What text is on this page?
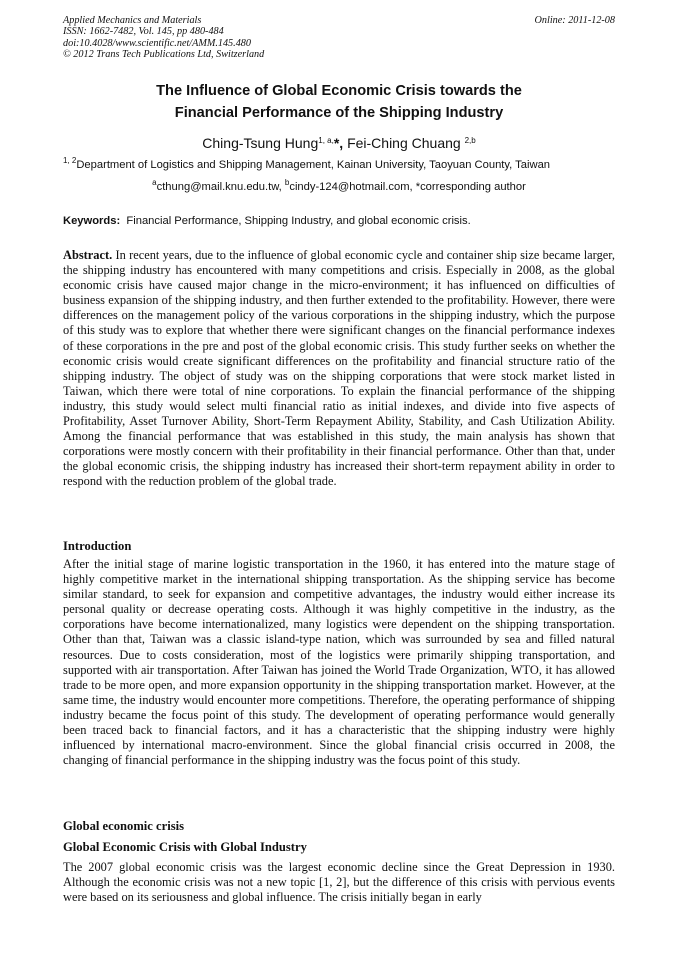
Applied Mechanics and Materials
ISSN: 1662-7482, Vol. 145, pp 480-484
doi:10.4028/www.scientific.net/AMM.145.480
© 2012 Trans Tech Publications Ltd, Switzerland
Online: 2011-12-08
The Influence of Global Economic Crisis towards the
Financial Performance of the Shipping Industry
Ching-Tsung Hung$^{1, a,}$*, Fei-Ching Chuang $^{2,b}$
$^{1, 2}$Department of Logistics and Shipping Management, Kainan University, Taoyuan County, Taiwan
$^a$cthung@mail.knu.edu.tw, $^b$cindy-124@hotmail.com, *corresponding author
Keywords:  Financial Performance, Shipping Industry, and global economic crisis.
Abstract. In recent years, due to the influence of global economic cycle and container ship size became larger, the shipping industry has encountered with many competitions and crisis. Especially in 2008, as the global economic crisis have caused major change in the micro-environment; it has influenced on difficulties of business expansion of the shipping industry, and then further extended to the profitability. However, there were differences on the management policy of the various corporations in the shipping industry, which the purpose of this study was to explore that whether there were significant changes on the financial performance indexes of these corporations in the pre and post of the global economic crisis. This study further seeks on whether the economic crisis would create significant differences on the profitability and financial structure ratio of the shipping industry. The object of study was on the shipping corporations that were stock market listed in Taiwan, which there were total of nine corporations. To explain the financial performance of the shipping industry, this study would select multi financial ratio as initial indexes, and divide into five aspects of Profitability, Asset Turnover Ability, Short-Term Repayment Ability, Stability, and Cash Utilization Ability. Among the financial performance that was established in this study, the main analysis has shown that corporations were mostly concern with their profitability in their financial performance. Other than that, under the global economic crisis, the shipping industry has increased their short-term repayment ability in order to respond with the reduction problem of the global trade.
Introduction
After the initial stage of marine logistic transportation in the 1960, it has entered into the mature stage of highly competitive market in the international shipping transportation. As the shipping service has become similar standard, to seek for expansion and competitive advantages, the industry would either increase its personal quality or decrease operating costs. Although it was highly competitive in the industry, as the corporations have become internationalized, many logistics were dependent on the shipping transportation. Other than that, Taiwan was a classic island-type nation, which was surrounded by sea and filled natural resources. Due to costs consideration, most of the logistics were primarily shipping transportation, and supported with air transportation. After Taiwan has joined the World Trade Organization, WTO, it has allowed trade to be more open, and more expansion opportunity in the shipping transportation market. However, at the same time, the industry would encounter more competitions. Therefore, the operating performance of shipping industry became the focus point of this study. The development of operating performance would generally been traced back to financial factors, and it has a characteristic that the shipping industry were highly influenced by international macro-environment. Since the global financial crisis occurred in 2008, the changing of financial performance in the shipping industry was the focus point of this study.
Global economic crisis
Global Economic Crisis with Global Industry
The 2007 global economic crisis was the largest economic decline since the Great Depression in 1930. Although the economic crisis was not a new topic [1, 2], but the difference of this crisis with pervious events were based on its seriousness and global influence. The crisis initially began in early
